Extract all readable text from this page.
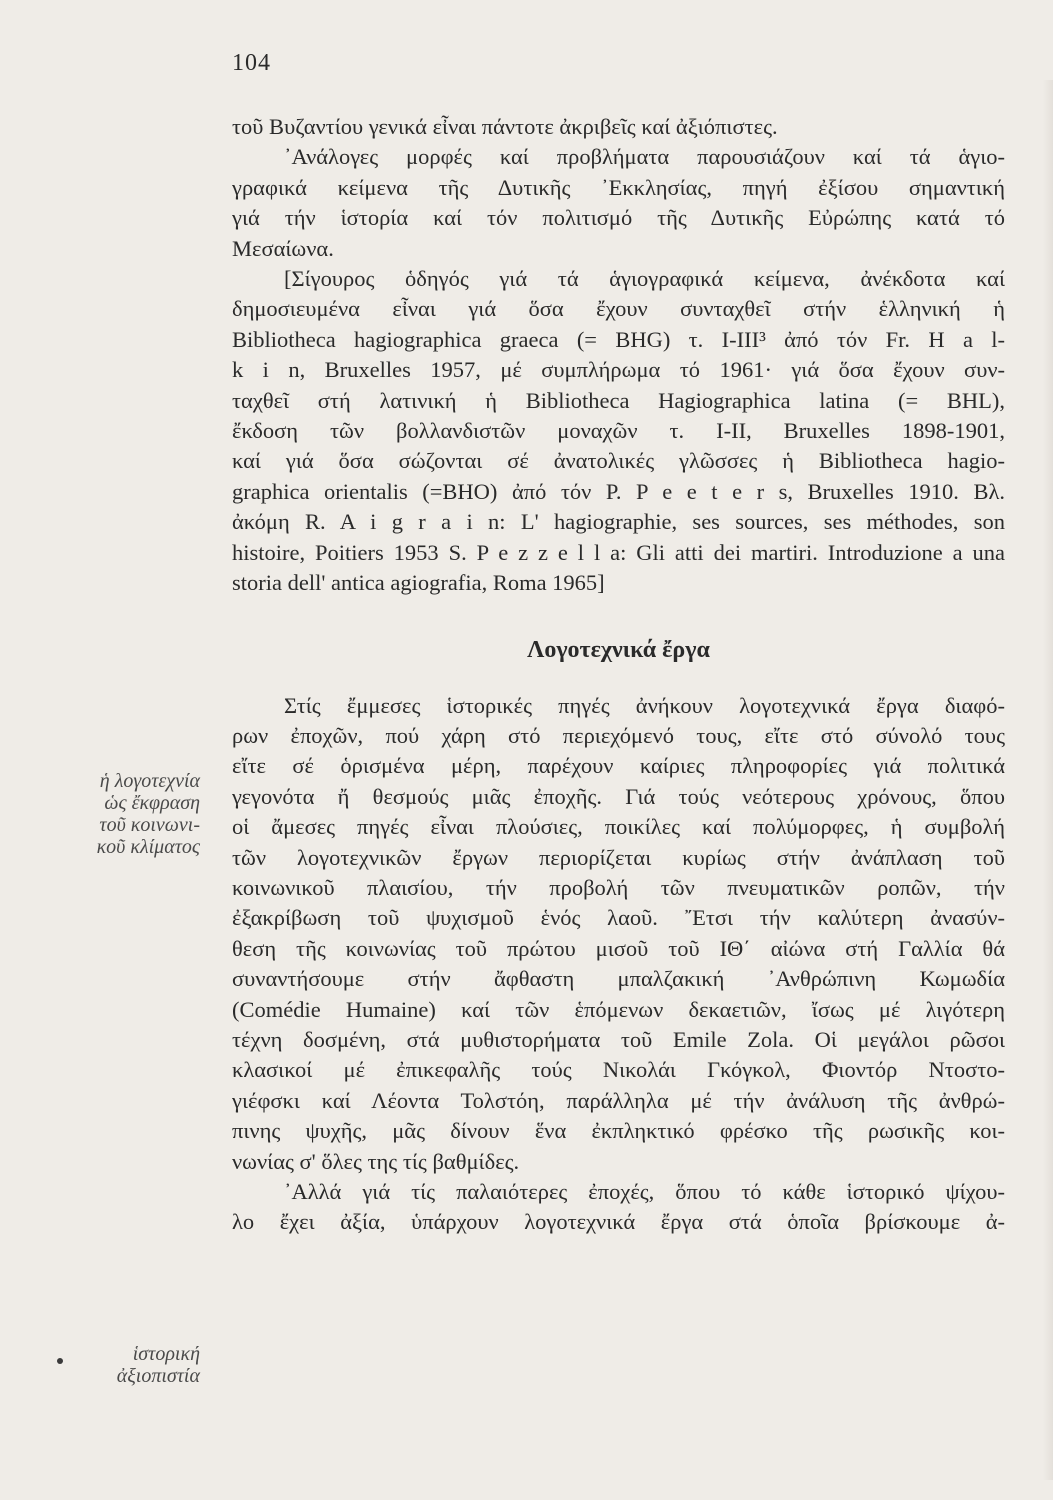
104
τοῦ Βυζαντίου γενικά εἶναι πάντοτε ἀκριβεῖς καί ἀξιόπιστες.
᾿Ανάλογες μορφές καί προβλήματα παρουσιάζουν καί τά ἁγιο-
γραφικά κείμενα τῆς Δυτικῆς ᾿Εκκλησίας, πηγή ἐξίσου σημαντική
γιά τήν ἱστορία καί τόν πολιτισμό τῆς Δυτικῆς Εὐρώπης κατά τό
Μεσαίωνα.
[Σίγουρος ὁδηγός γιά τά ἁγιογραφικά κείμενα, ἀνέκδοτα καί
δημοσιευμένα εἶναι γιά ὅσα ἔχουν συνταχθεῖ στήν ἑλληνική ἡ
Bibliotheca hagiographica graeca (= BHG) τ. I-III³ ἀπό τόν Fr. H a l-
k i n, Bruxelles 1957, μέ συμπλήρωμα τό 1961· γιά ὅσα ἔχουν συν-
ταχθεῖ στή λατινική ἡ Bibliotheca Hagiographica latina (= BHL),
ἔκδοση τῶν βολλανδιστῶν μοναχῶν τ. I-II, Bruxelles 1898-1901,
καί γιά ὅσα σώζονται σέ ἀνατολικές γλῶσσες ἡ Bibliotheca hagio-
graphica orientalis (=BHO) ἀπό τόν P. P e e t e r s, Bruxelles 1910. Βλ.
ἀκόμη R. A i g r a i n: L' hagiographie, ses sources, ses méthodes, son
histoire, Poitiers 1953 S. P e z z e l l a: Gli atti dei martiri. Introduzione a una
storia dell' antica agiografia, Roma 1965]
Λογοτεχνικά ἔργα
Στίς ἔμμεσες ἱστορικές πηγές ἀνήκουν λογοτεχνικά ἔργα διαφό-
ρων ἐποχῶν, πού χάρη στό περιεχόμενό τους, εἴτε στό σύνολό τους
εἴτε σέ ὁρισμένα μέρη, παρέχουν καίριες πληροφορίες γιά πολιτικά
γεγονότα ἤ θεσμούς μιᾶς ἐποχῆς. Γιά τούς νεότερους χρόνους, ὅπου
οἱ ἄμεσες πηγές εἶναι πλούσιες, ποικίλες καί πολύμορφες, ἡ συμβολή
τῶν λογοτεχνικῶν ἔργων περιορίζεται κυρίως στήν ἀνάπλαση τοῦ
κοινωνικοῦ πλαισίου, τήν προβολή τῶν πνευματικῶν ροπῶν, τήν
ἐξακρίβωση τοῦ ψυχισμοῦ ἑνός λαοῦ. ῎Ετσι τήν καλύτερη ἀνασύν-
θεση τῆς κοινωνίας τοῦ πρώτου μισοῦ τοῦ ΙΘ΄ αἰώνα στή Γαλλία θά
συναντήσουμε στήν ἄφθαστη μπαλζακική ᾿Ανθρώπινη Κωμωδία
(Comédie Humaine) καί τῶν ἑπόμενων δεκαετιῶν, ἴσως μέ λιγότερη
τέχνη δοσμένη, στά μυθιστορήματα τοῦ Emile Zola. Οἱ μεγάλοι ρῶσοι
κλασικοί μέ ἐπικεφαλῆς τούς Νικολάι Γκόγκολ, Φιοντόρ Ντοστο-
γιέφσκι καί Λέοντα Τολστόη, παράλληλα μέ τήν ἀνάλυση τῆς ἀνθρώ-
πινης ψυχῆς, μᾶς δίνουν ἕνα ἐκπληκτικό φρέσκο τῆς ρωσικῆς κοι-
νωνίας σ' ὅλες της τίς βαθμίδες.
᾿Αλλά γιά τίς παλαιότερες ἐποχές, ὅπου τό κάθε ἱστορικό ψίχου-
λο ἔχει ἀξία, ὑπάρχουν λογοτεχνικά ἔργα στά ὁποῖα βρίσκουμε ἀ-
ἡ λογοτεχνία
ὡς ἔκφραση
τοῦ κοινωνι-
κοῦ κλίματος
ἱστορική
ἀξιοπιστία
